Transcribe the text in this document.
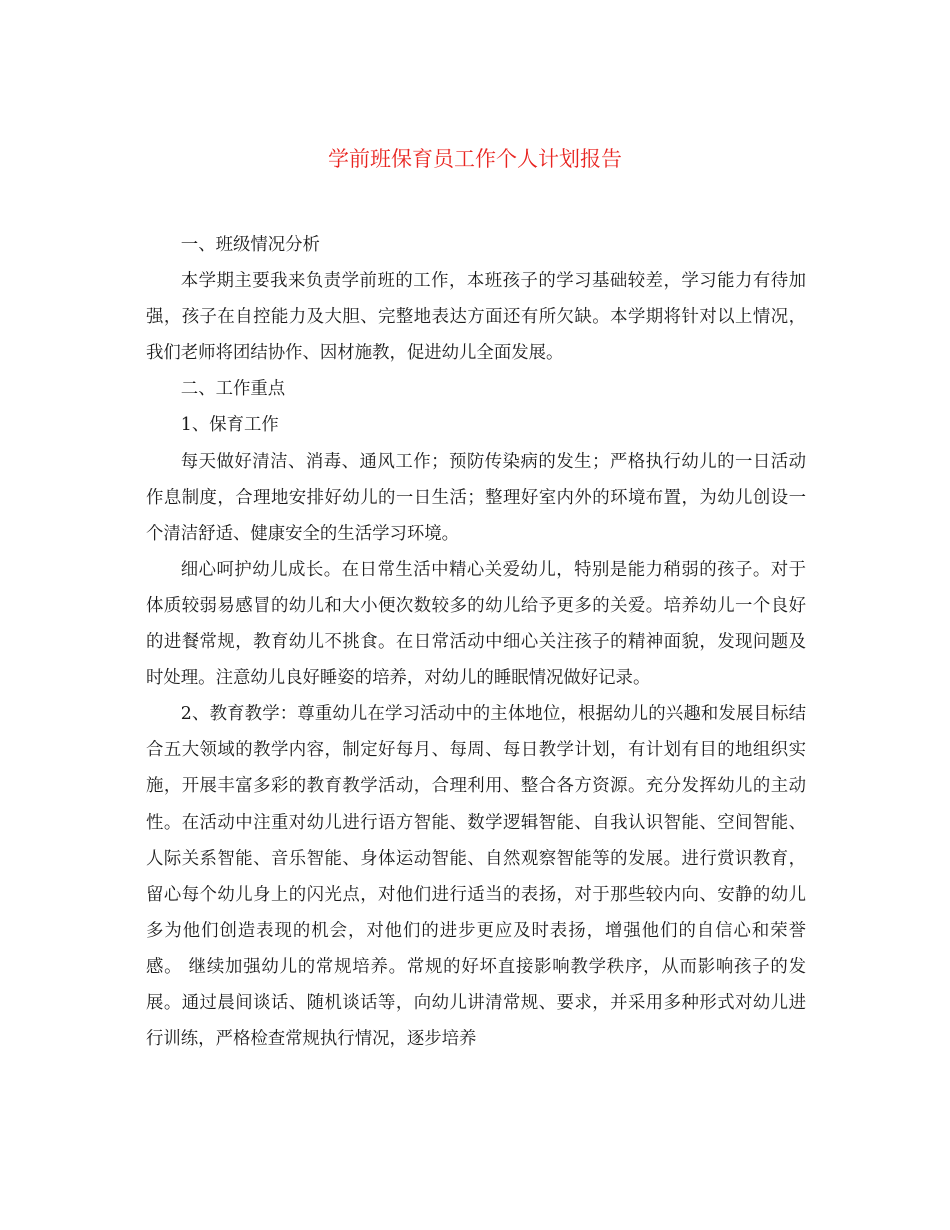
学前班保育员工作个人计划报告

一、班级情况分析

本学期主要我来负责学前班的工作，本班孩子的学习基础较差，学习能力有待加强，孩子在自控能力及大胆、完整地表达方面还有所欠缺。本学期将针对以上情况，我们老师将团结协作、因材施教，促进幼儿全面发展。

二、工作重点

1、保育工作

每天做好清洁、消毒、通风工作；预防传染病的发生；严格执行幼儿的一日活动作息制度，合理地安排好幼儿的一日生活；整理好室内外的环境布置，为幼儿创设一个清洁舒适、健康安全的生活学习环境。

细心呵护幼儿成长。在日常生活中精心关爱幼儿，特别是能力稍弱的孩子。对于体质较弱易感冒的幼儿和大小便次数较多的幼儿给予更多的关爱。培养幼儿一个良好的进餐常规，教育幼儿不挑食。在日常活动中细心关注孩子的精神面貌，发现问题及时处理。注意幼儿良好睡姿的培养，对幼儿的睡眠情况做好记录。

2、教育教学：尊重幼儿在学习活动中的主体地位，根据幼儿的兴趣和发展目标结合五大领域的教学内容，制定好每月、每周、每日教学计划，有计划有目的地组织实施，开展丰富多彩的教育教学活动，合理利用、整合各方资源。充分发挥幼儿的主动性。在活动中注重对幼儿进行语方智能、数学逻辑智能、自我认识智能、空间智能、人际关系智能、音乐智能、身体运动智能、自然观察智能等的发展。进行赏识教育，留心每个幼儿身上的闪光点，对他们进行适当的表扬，对于那些较内向、安静的幼儿多为他们创造表现的机会，对他们的进步更应及时表扬，增强他们的自信心和荣誉感。 继续加强幼儿的常规培养。常规的好坏直接影响教学秩序，从而影响孩子的发展。通过晨间谈话、随机谈话等，向幼儿讲清常规、要求，并采用多种形式对幼儿进行训练，严格检查常规执行情况，逐步培养
